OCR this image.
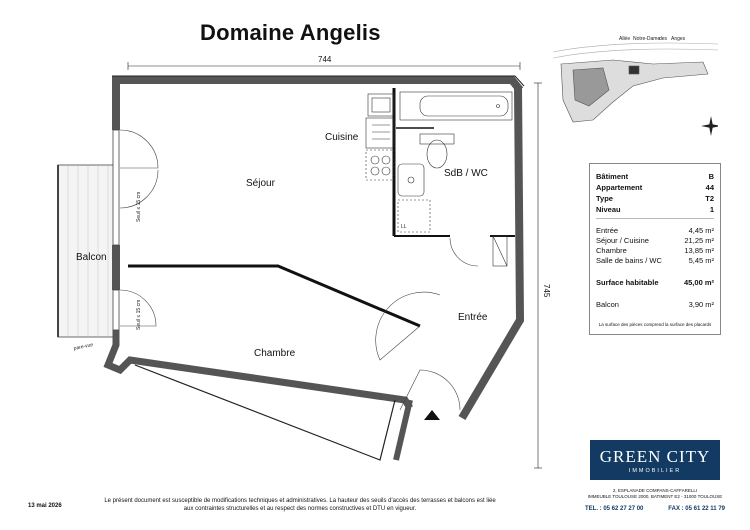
Domaine Angelis
744
745
Cuisine
Séjour
SdB / WC
Balcon
Chambre
Entrée
Seuil ≤ 15 cm
Seuil ≤ 15 cm
pare-vue
LL
Allée Notre-Dame
des Anges
Bâtiment	B
Appartement	44
Type	T2
Niveau	1
Entrée	4,45 m²
Séjour / Cuisine	21,25 m²
Chambre	13,85 m²
Salle de bains / WC	5,45 m²
Surface habitable	45,00 m²
Balcon	3,90 m²
La surface des pièces comprend la surface des placards
GREEN CITY
IMMOBILIER
2, ESPLANADE COMPANS-CAFFARELLI
IMMEUBLE TOULOUSE 2000, BATIMENT E2 - 31000 TOULOUSE
TEL. : 05 62 27 27 00	FAX : 05 61 22 11 79
13 mai 2026
Le présent document est susceptible de modifications techniques et administratives. La hauteur des seuils d'accès des terrasses et balcons est liée
aux contraintes structurelles et au respect des normes constructives et DTU en vigueur.
